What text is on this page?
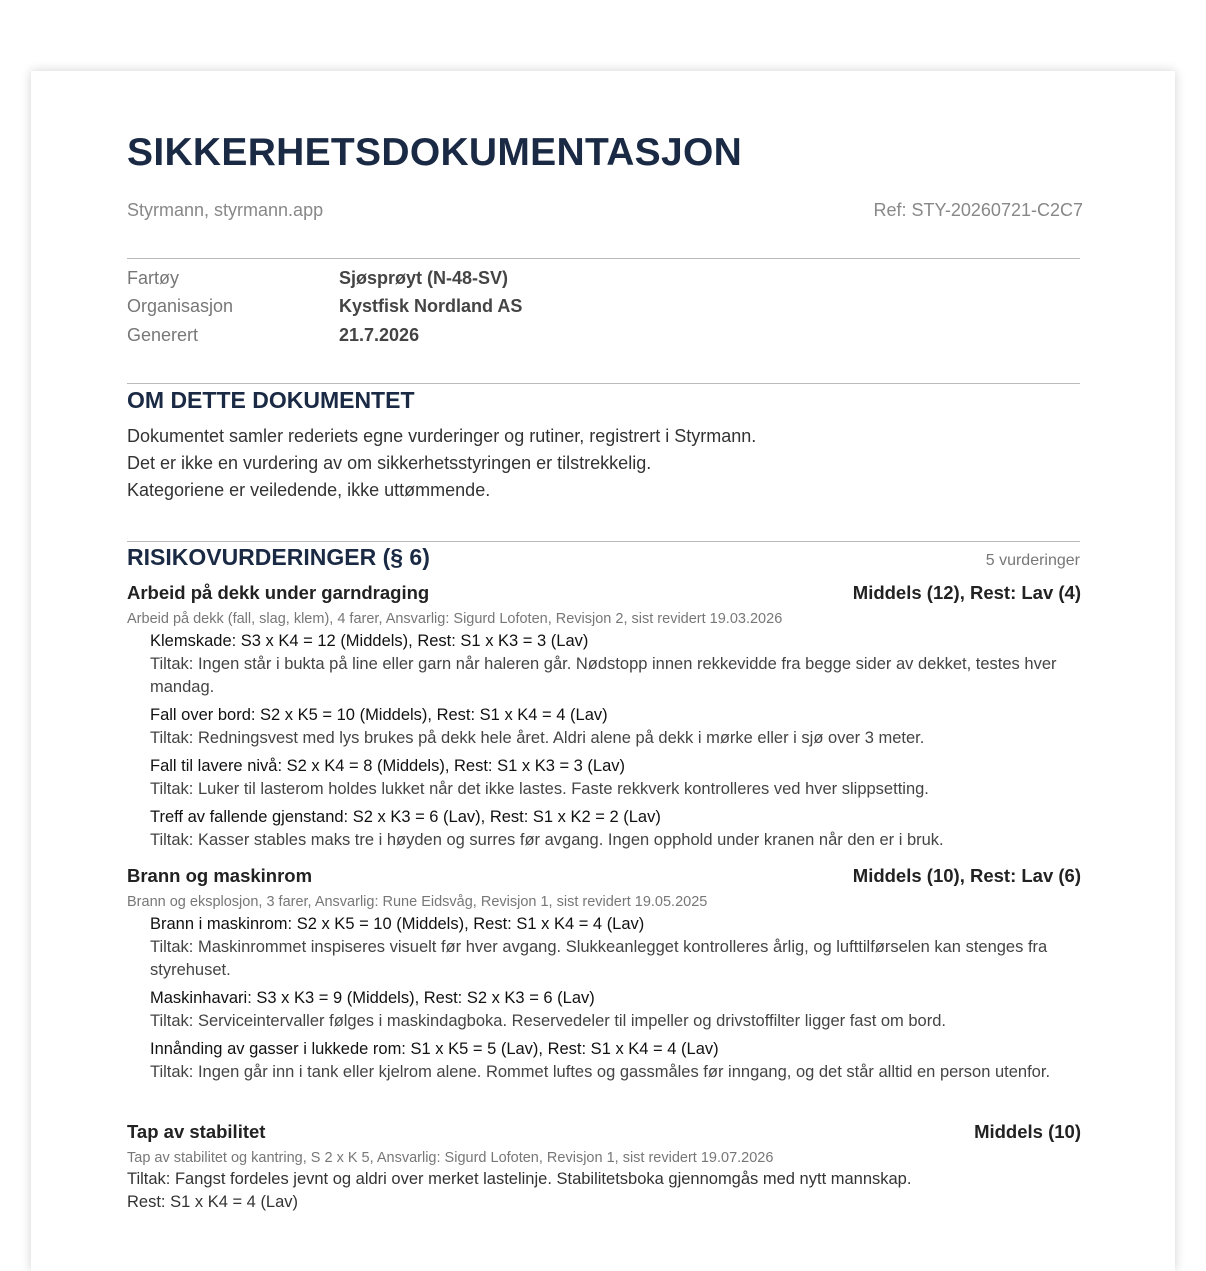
SIKKERHETSDOKUMENTASJON
Styrmann, styrmann.app	Ref: STY-20260721-C2C7
Fartøy	Sjøsprøyt (N-48-SV)
Organisasjon	Kystfisk Nordland AS
Generert	21.7.2026
OM DETTE DOKUMENTET

Dokumentet samler rederiets egne vurderinger og rutiner, registrert i Styrmann.

Det er ikke en vurdering av om sikkerhetsstyringen er tilstrekkelig.

Kategoriene er veiledende, ikke uttømmende.

RISIKOVURDERINGER (§ 6)	5 vurderinger
Arbeid på dekk under garndraging	Middels (12), Rest: Lav (4)
Arbeid på dekk (fall, slag, klem), 4 farer, Ansvarlig: Sigurd Lofoten, Revisjon 2, sist revidert 19.03.2026
Klemskade: S3 x K4 = 12 (Middels), Rest: S1 x K3 = 3 (Lav)
Tiltak: Ingen står i bukta på line eller garn når haleren går. Nødstopp innen rekkevidde fra begge sider av dekket, testes hver mandag.
Fall over bord: S2 x K5 = 10 (Middels), Rest: S1 x K4 = 4 (Lav)
Tiltak: Redningsvest med lys brukes på dekk hele året. Aldri alene på dekk i mørke eller i sjø over 3 meter.
Fall til lavere nivå: S2 x K4 = 8 (Middels), Rest: S1 x K3 = 3 (Lav)
Tiltak: Luker til lasterom holdes lukket når det ikke lastes. Faste rekkverk kontrolleres ved hver slippsetting.
Treff av fallende gjenstand: S2 x K3 = 6 (Lav), Rest: S1 x K2 = 2 (Lav)
Tiltak: Kasser stables maks tre i høyden og surres før avgang. Ingen opphold under kranen når den er i bruk.
Brann og maskinrom	Middels (10), Rest: Lav (6)
Brann og eksplosjon, 3 farer, Ansvarlig: Rune Eidsvåg, Revisjon 1, sist revidert 19.05.2025
Brann i maskinrom: S2 x K5 = 10 (Middels), Rest: S1 x K4 = 4 (Lav)
Tiltak: Maskinrommet inspiseres visuelt før hver avgang. Slukkeanlegget kontrolleres årlig, og lufttilførselen kan stenges fra styrehuset.
Maskinhavari: S3 x K3 = 9 (Middels), Rest: S2 x K3 = 6 (Lav)
Tiltak: Serviceintervaller følges i maskindagboka. Reservedeler til impeller og drivstoffilter ligger fast om bord.
Innånding av gasser i lukkede rom: S1 x K5 = 5 (Lav), Rest: S1 x K4 = 4 (Lav)
Tiltak: Ingen går inn i tank eller kjelrom alene. Rommet luftes og gassmåles før inngang, og det står alltid en person utenfor.
Tap av stabilitet	Middels (10)
Tap av stabilitet og kantring, S 2 x K 5, Ansvarlig: Sigurd Lofoten, Revisjon 1, sist revidert 19.07.2026
Tiltak: Fangst fordeles jevnt og aldri over merket lastelinje. Stabilitetsboka gjennomgås med nytt mannskap.
Rest: S1 x K4 = 4 (Lav)
